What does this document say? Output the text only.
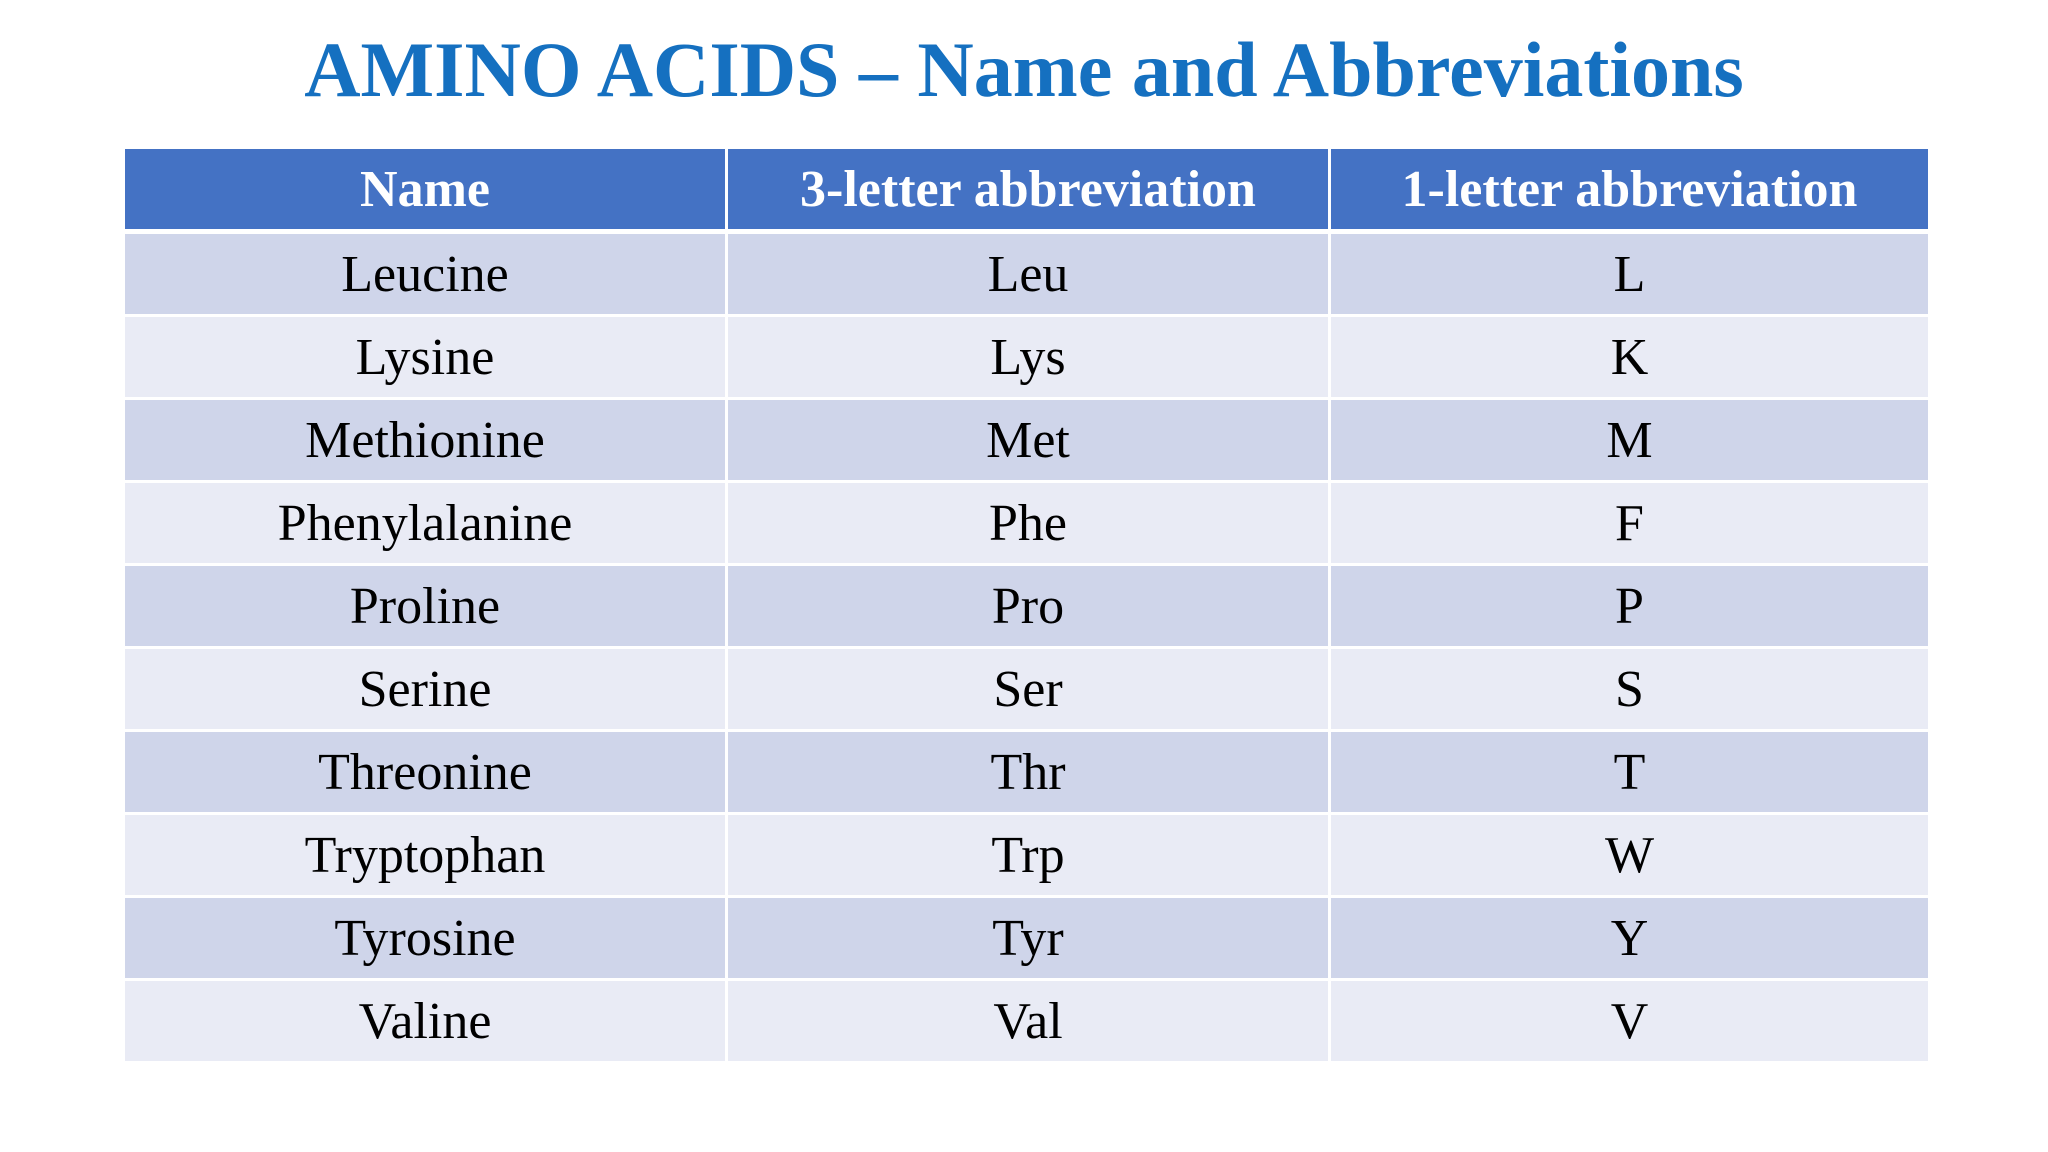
AMINO ACIDS – Name and Abbreviations
Name	3-letter abbreviation	1-letter abbreviation
Leucine	Leu	L
Lysine	Lys	K
Methionine	Met	M
Phenylalanine	Phe	F
Proline	Pro	P
Serine	Ser	S
Threonine	Thr	T
Tryptophan	Trp	W
Tyrosine	Tyr	Y
Valine	Val	V
